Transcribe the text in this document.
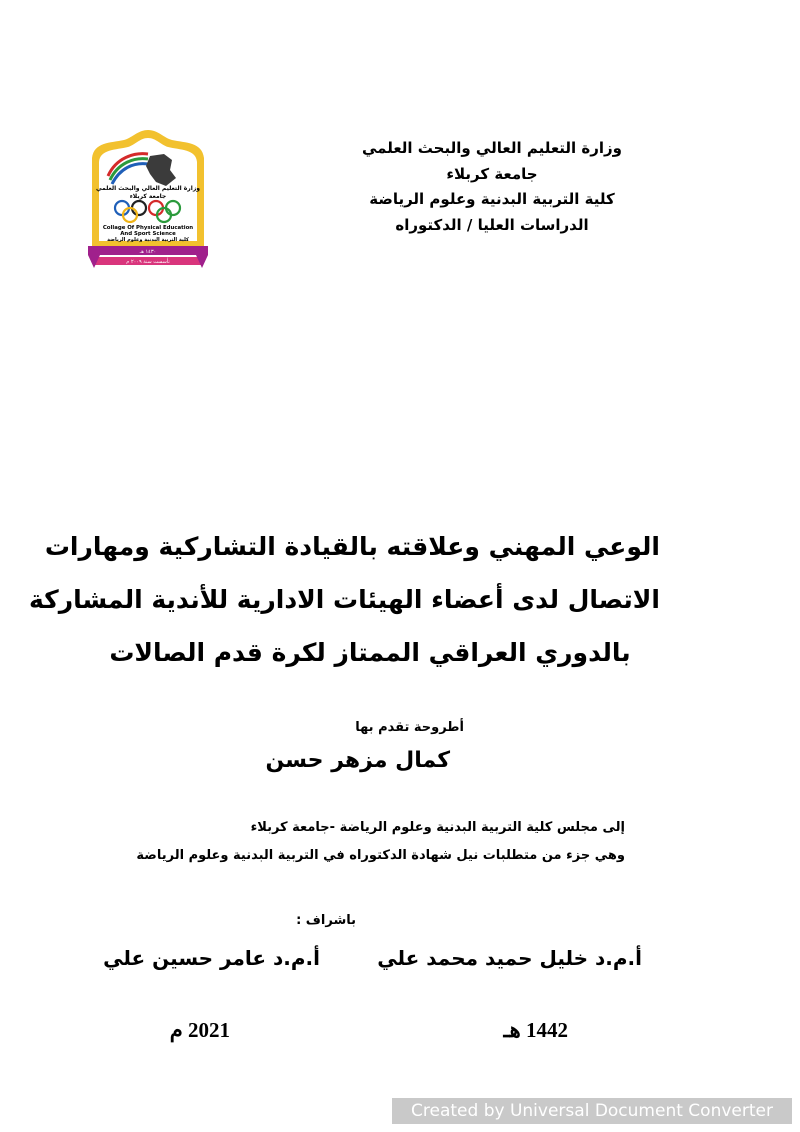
وزارة التعليم العالي والبحث العلمي
جامعة كربلاء
كلية التربية البدنية وعلوم الرياضة
الدراسات العليا / الدكتوراه
وزارة التعليم العالي والبحث العلمي
جامعة كربلاء
Collage Of Physical Education
And Sport Science
كلية التربية البدنية وعلوم الرياضة
١٤٣٠ هـ
تأسست سنة ٢٠٠٩ م
الوعي المهني وعلاقته بالقيادة التشاركية ومهارات
الاتصال لدى أعضاء الهيئات الادارية للأندية المشاركة
بالدوري العراقي الممتاز لكرة قدم الصالات
أطروحة تقدم بها
كمال مزهر حسن
إلى مجلس كلية التربية البدنية وعلوم الرياضة -جامعة كربلاء
وهي جزء من متطلبات نيل شهادة الدكتوراه في التربية البدنية وعلوم الرياضة
باشراف :
أ.م.د خليل حميد محمد علي
أ.م.د عامر حسين علي
1442 هـ
2021 م
Created by Universal Document Converter
